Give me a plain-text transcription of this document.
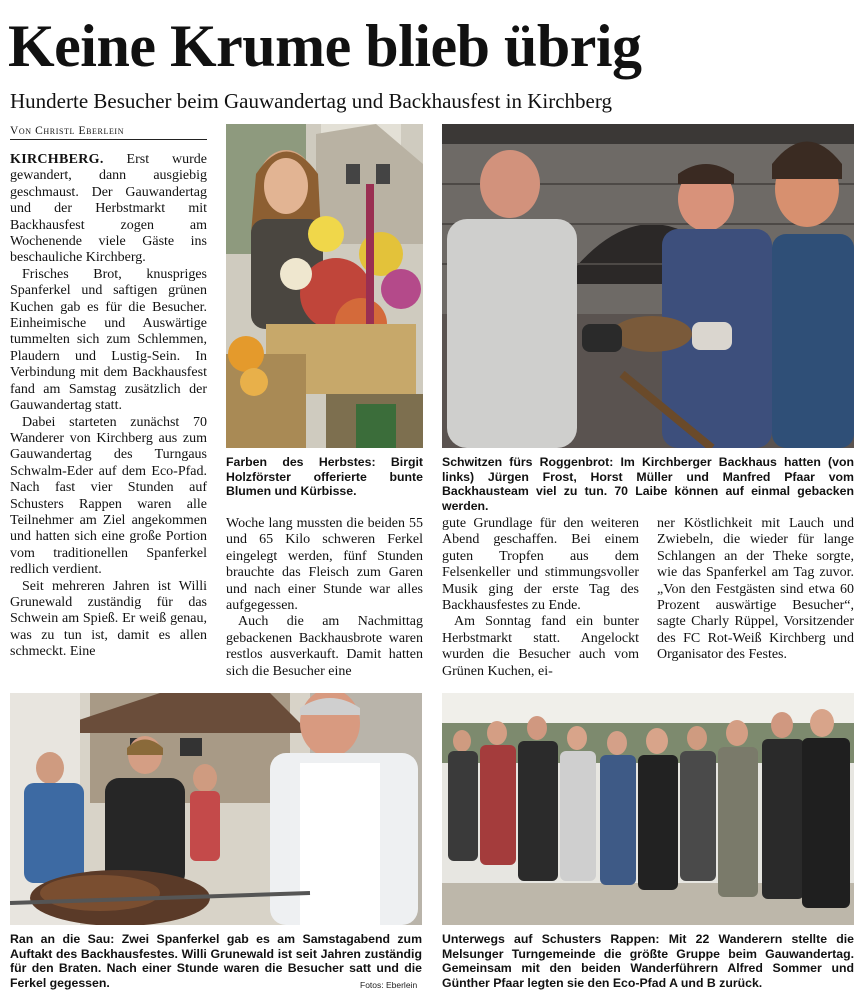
Keine Krume blieb übrig
Hunderte Besucher beim Gauwandertag und Backhausfest in Kirchberg
Von Christl Eberlein

KIRCHBERG. Erst wurde gewandert, dann ausgiebig geschmaust. Der Gauwandertag und der Herbstmarkt mit Backhausfest zogen am Wochenende viele Gäste ins beschauliche Kirchberg.

Frisches Brot, knuspriges Spanferkel und saftigen grünen Kuchen gab es für die Besucher. Einheimische und Auswärtige tummelten sich zum Schlemmen, Plaudern und Lustig-Sein. In Verbindung mit dem Backhausfest fand am Samstag zusätzlich der Gauwandertag statt.

Dabei starteten zunächst 70 Wanderer von Kirchberg aus zum Gauwandertag des Turngaus Schwalm-Eder auf dem Eco-Pfad. Nach fast vier Stunden auf Schusters Rappen waren alle Teilnehmer am Ziel angekommen und hatten sich eine große Portion vom traditionellen Spanferkel redlich verdient.

Seit mehreren Jahren ist Willi Grunewald zuständig für das Schwein am Spieß. Er weiß genau, was zu tun ist, damit es allen schmeckt. Eine

Farben des Herbstes: Birgit Holzförster offerierte bunte Blumen und Kürbisse.
Schwitzen fürs Roggenbrot: Im Kirchberger Backhaus hatten (von links) Jürgen Frost, Horst Müller und Manfred Pfaar vom Backhausteam viel zu tun. 70 Laibe können auf einmal gebacken werden.

Woche lang mussten die beiden 55 und 65 Kilo schweren Ferkel eingelegt werden, fünf Stunden brauchte das Fleisch zum Garen und nach einer Stunde war alles aufgegessen.

Auch die am Nachmittag gebackenen Backhausbrote waren restlos ausverkauft. Damit hatten sich die Besucher eine

gute Grundlage für den weiteren Abend geschaffen. Bei einem guten Tropfen aus dem Felsenkeller und stimmungsvoller Musik ging der erste Tag des Backhausfestes zu Ende.

Am Sonntag fand ein bunter Herbstmarkt statt. Angelockt wurden die Besucher auch vom Grünen Kuchen, ei-

ner Köstlichkeit mit Lauch und Zwiebeln, die wieder für lange Schlangen an der Theke sorgte, wie das Spanferkel am Tag zuvor. „Von den Festgästen sind etwa 60 Prozent auswärtige Besucher“, sagte Charly Rüppel, Vorsitzender des FC Rot-Weiß Kirchberg und Organisator des Festes.

Ran an die Sau: Zwei Spanferkel gab es am Samstagabend zum Auftakt des Backhausfestes. Willi Grunewald ist seit Jahren zuständig für den Braten. Nach einer Stunde waren die Besucher satt und die Ferkel gegessen.	Fotos: Eberlein
Unterwegs auf Schusters Rappen: Mit 22 Wanderern stellte die Melsunger Turngemeinde die größte Gruppe beim Gauwandertag. Gemeinsam mit den beiden Wanderführern Alfred Sommer und Günther Pfaar legten sie den Eco-Pfad A und B zurück.
